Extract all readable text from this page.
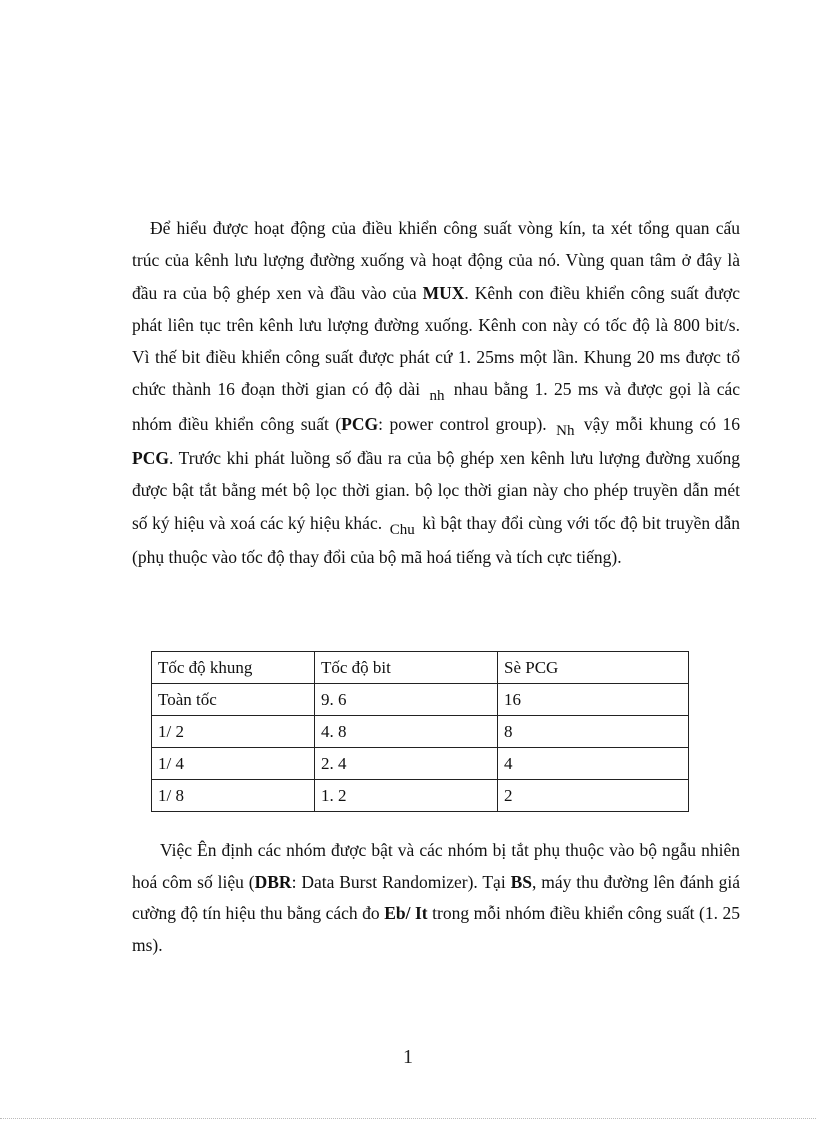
Để hiểu được hoạt động của điều khiển công suất vòng kín, ta xét tổng quan cấu trúc của kênh lưu lượng đường xuống và hoạt động của nó. Vùng quan tâm ở đây là đầu ra của bộ ghép xen và đầu vào của MUX. Kênh con điều khiển công suất được phát liên tục trên kênh lưu lượng đường xuống. Kênh con này có tốc độ là 800 bit/s. Vì thế bit điều khiển công suất được phát cứ 1. 25ms một lần. Khung 20 ms được tổ chức thành 16 đoạn thời gian có độ dài nh nhau bằng 1. 25 ms và được gọi là các nhóm điều khiển công suất (PCG: power control group). Nh vậy mỗi khung có 16 PCG. Trước khi phát luồng số đầu ra của bộ ghép xen kênh lưu lượng đường xuống được bật tắt bằng mét bộ lọc thời gian. bộ lọc thời gian này cho phép truyền dẫn mét số ký hiệu và xoá các ký hiệu khác. Chu kì bật thay đổi cùng với tốc độ bit truyền dẫn (phụ thuộc vào tốc độ thay đổi của bộ mã hoá tiếng và tích cực tiếng).

Tốc độ khung	Tốc độ bit	Sè PCG
Toàn tốc	9. 6	16
1/ 2	4. 8	8
1/ 4	2. 4	4
1/ 8	1. 2	2

Việc Ên định các nhóm được bật và các nhóm bị tắt phụ thuộc vào bộ ngẫu nhiên hoá côm số liệu (DBR: Data Burst Randomizer). Tại BS, máy thu đường lên đánh giá cường độ tín hiệu thu bằng cách đo Eb/ It trong mỗi nhóm điều khiển công suất (1. 25 ms).

1
